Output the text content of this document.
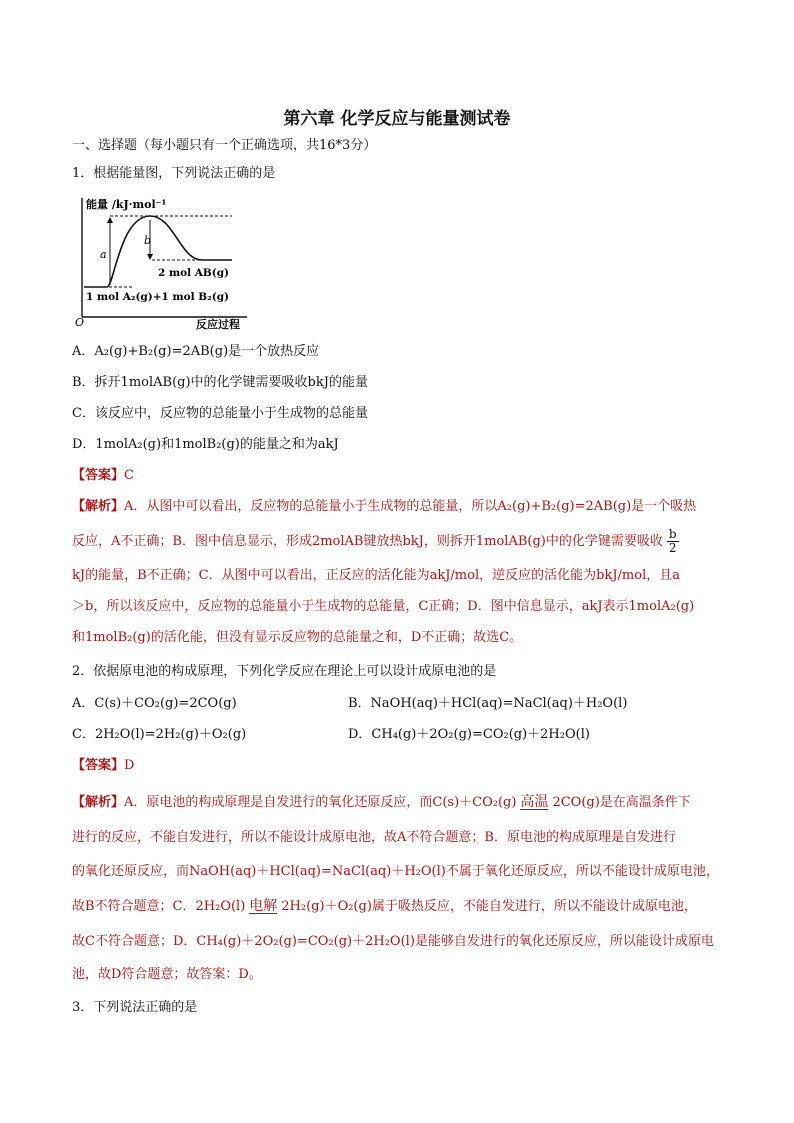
第六章 化学反应与能量测试卷
一、选择题（每小题只有一个正确选项，共16*3分）
1．根据能量图，下列说法正确的是
能量 /kJ·mol⁻¹
反应过程
O
a
b
2 mol AB(g)
1 mol A₂(g)+1 mol B₂(g)
A．A₂(g)+B₂(g)=2AB(g)是一个放热反应
B．拆开1molAB(g)中的化学键需要吸收bkJ的能量
C．该反应中，反应物的总能量小于生成物的总能量
D．1molA₂(g)和1molB₂(g)的能量之和为akJ
【答案】C
【解析】A．从图中可以看出，反应物的总能量小于生成物的总能量，所以A₂(g)+B₂(g)=2AB(g)是一个吸热
反应，A不正确；B．图中信息显示，形成2molAB键放热bkJ，则拆开1molAB(g)中的化学键需要吸收 $\frac{b}{2}$
kJ的能量，B不正确；C．从图中可以看出，正反应的活化能为akJ/mol，逆反应的活化能为bkJ/mol，且a
＞b，所以该反应中，反应物的总能量小于生成物的总能量，C正确；D．图中信息显示，akJ表示1molA₂(g)
和1molB₂(g)的活化能，但没有显示反应物的总能量之和，D不正确；故选C。
2．依据原电池的构成原理，下列化学反应在理论上可以设计成原电池的是
A．C(s)＋CO₂(g)=2CO(g)	B．NaOH(aq)＋HCl(aq)=NaCl(aq)＋H₂O(l)
C．2H₂O(l)=2H₂(g)＋O₂(g)	D．CH₄(g)＋2O₂(g)=CO₂(g)＋2H₂O(l)
【答案】D
【解析】A．原电池的构成原理是自发进行的氧化还原反应，而C(s)＋CO₂(g) 高温 2CO(g)是在高温条件下
进行的反应，不能自发进行，所以不能设计成原电池，故A不符合题意；B．原电池的构成原理是自发进行
的氧化还原反应，而NaOH(aq)＋HCl(aq)=NaCl(aq)＋H₂O(l)不属于氧化还原反应，所以不能设计成原电池，
故B不符合题意；C．2H₂O(l) 电解 2H₂(g)＋O₂(g)属于吸热反应，不能自发进行，所以不能设计成原电池，
故C不符合题意；D．CH₄(g)＋2O₂(g)=CO₂(g)＋2H₂O(l)是能够自发进行的氧化还原反应，所以能设计成原电
池，故D符合题意；故答案：D。
3．下列说法正确的是
